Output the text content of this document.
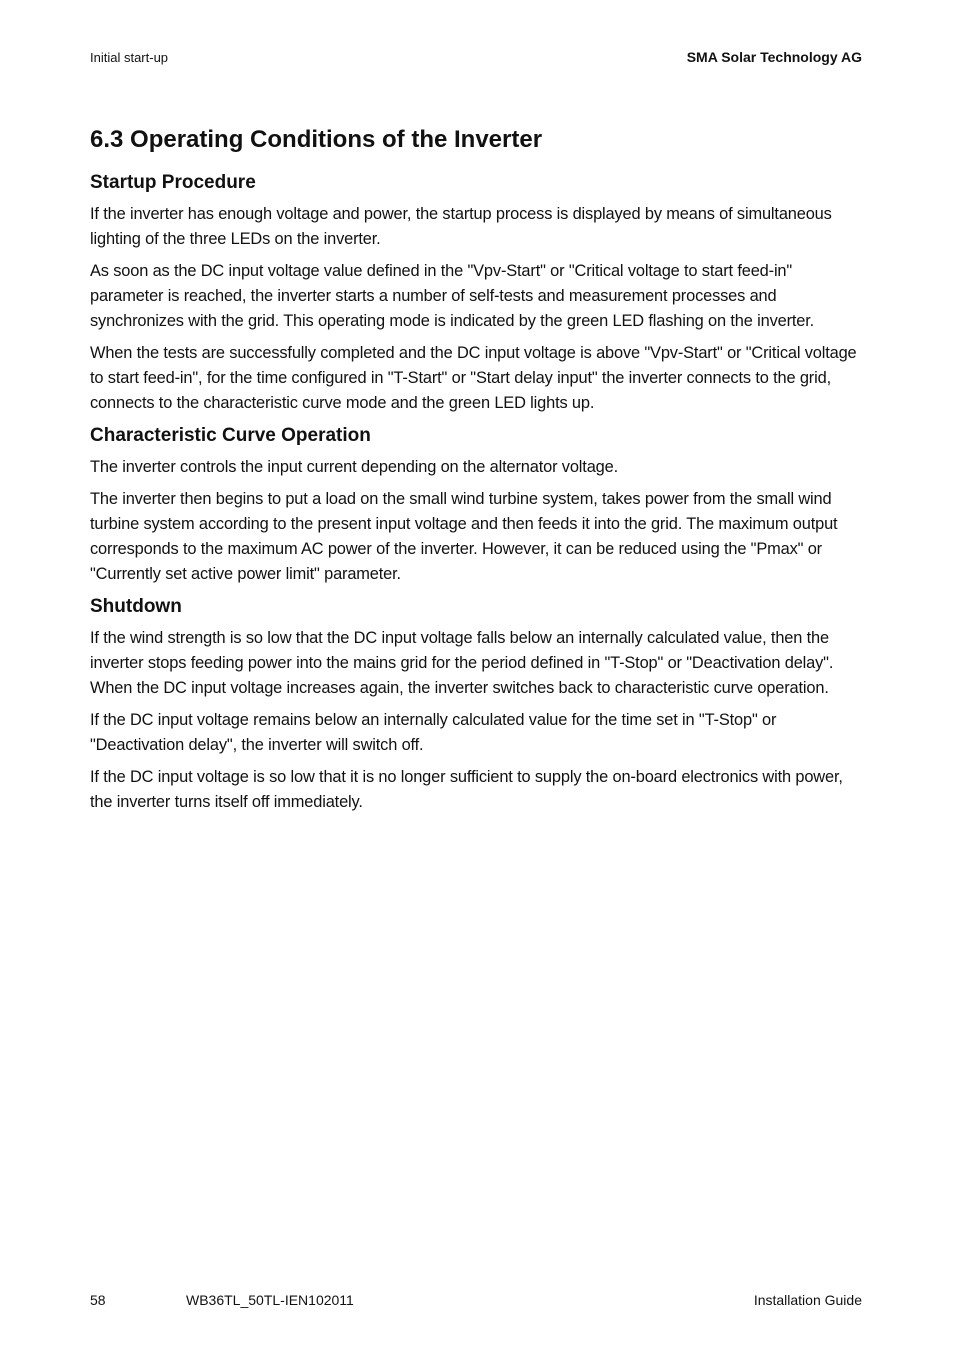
Initial start-up	SMA Solar Technology AG
6.3 Operating Conditions of the Inverter
Startup Procedure

If the inverter has enough voltage and power, the startup process is displayed by means of simultaneous lighting of the three LEDs on the inverter.

As soon as the DC input voltage value defined in the "Vpv-Start" or "Critical voltage to start feed-in" parameter is reached, the inverter starts a number of self-tests and measurement processes and synchronizes with the grid. This operating mode is indicated by the green LED flashing on the inverter.

When the tests are successfully completed and the DC input voltage is above "Vpv-Start" or "Critical voltage to start feed-in", for the time configured in "T-Start" or "Start delay input" the inverter connects to the grid, connects to the characteristic curve mode and the green LED lights up.

Characteristic Curve Operation

The inverter controls the input current depending on the alternator voltage.

The inverter then begins to put a load on the small wind turbine system, takes power from the small wind turbine system according to the present input voltage and then feeds it into the grid. The maximum output corresponds to the maximum AC power of the inverter. However, it can be reduced using the "Pmax" or "Currently set active power limit" parameter.

Shutdown

If the wind strength is so low that the DC input voltage falls below an internally calculated value, then the inverter stops feeding power into the mains grid for the period defined in "T-Stop" or "Deactivation delay". When the DC input voltage increases again, the inverter switches back to characteristic curve operation.

If the DC input voltage remains below an internally calculated value for the time set in "T-Stop" or "Deactivation delay", the inverter will switch off.

If the DC input voltage is so low that it is no longer sufficient to supply the on-board electronics with power, the inverter turns itself off immediately.

58	WB36TL_50TL-IEN102011	Installation Guide
